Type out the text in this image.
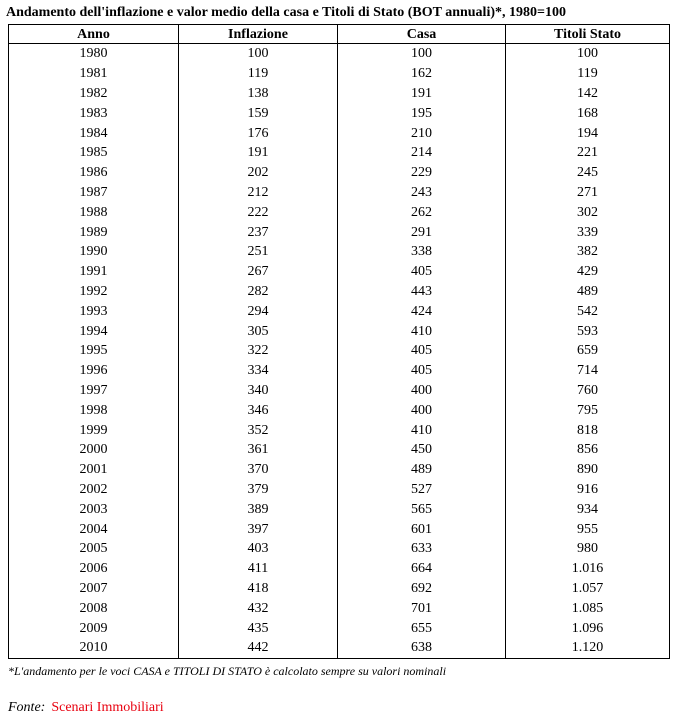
Andamento dell'inflazione e valor medio della casa e Titoli di Stato (BOT annuali)*, 1980=100
Anno	Inflazione	Casa	Titoli Stato
1980	100	100	100
1981	119	162	119
1982	138	191	142
1983	159	195	168
1984	176	210	194
1985	191	214	221
1986	202	229	245
1987	212	243	271
1988	222	262	302
1989	237	291	339
1990	251	338	382
1991	267	405	429
1992	282	443	489
1993	294	424	542
1994	305	410	593
1995	322	405	659
1996	334	405	714
1997	340	400	760
1998	346	400	795
1999	352	410	818
2000	361	450	856
2001	370	489	890
2002	379	527	916
2003	389	565	934
2004	397	601	955
2005	403	633	980
2006	411	664	1.016
2007	418	692	1.057
2008	432	701	1.085
2009	435	655	1.096
2010	442	638	1.120
*L'andamento per le voci CASA e TITOLI DI STATO è calcolato sempre su valori nominali
Fonte: Scenari Immobiliari
